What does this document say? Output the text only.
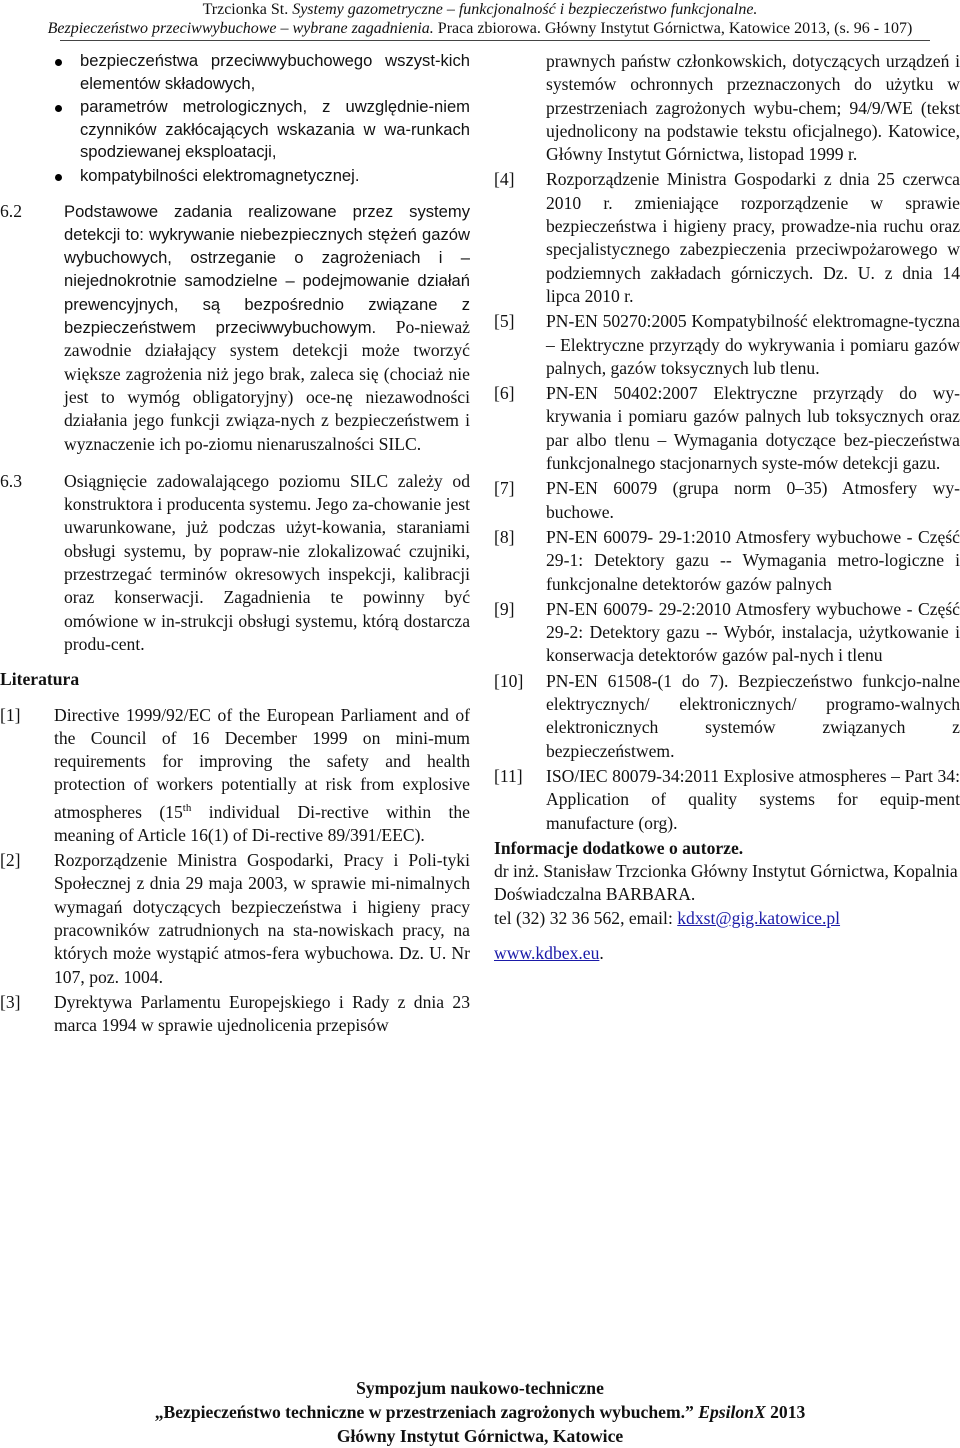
Trzcionka St. Systemy gazometryczne – funkcjonalność i bezpieczeństwo funkcjonalne.
Bezpieczeństwo przeciwwybuchowe – wybrane zagadnienia. Praca zbiorowa. Główny Instytut Górnictwa, Katowice 2013, (s. 96 - 107)
bezpieczeństwa przeciwwybuchowego wszyst-kich elementów składowych,
parametrów metrologicznych, z uwzględnie-niem czynników zakłócających wskazania w wa-runkach spodziewanej eksploatacji,
kompatybilności elektromagnetycznej.
6.2	Podstawowe zadania realizowane przez systemy detekcji to: wykrywanie niebezpiecznych stężeń gazów wybuchowych, ostrzeganie o zagrożeniach i – niejednokrotnie samodzielne – podejmowanie działań prewencyjnych, są bezpośrednio związane z bezpieczeństwem przeciwwybuchowym. Po-nieważ zawodnie działający system detekcji może tworzyć większe zagrożenia niż jego brak, zaleca się (chociaż nie jest to wymóg obligatoryjny) oce-nę niezawodności działania jego funkcji związa-nych z bezpieczeństwem i wyznaczenie ich po-ziomu nienaruszalności SILC.
6.3 Osiągnięcie zadowalającego poziomu SILC zależy od konstruktora i producenta systemu. Jego za-chowanie jest uwarunkowane, już podczas użyt-kowania, staraniami obsługi systemu, by popraw-nie zlokalizować czujniki, przestrzegać terminów okresowych inspekcji, kalibracji oraz konserwacji. Zagadnienia te powinny być omówione w in-strukcji obsługi systemu, którą dostarcza produ-cent.
Literatura
[1] Directive 1999/92/EC of the European Parliament and of the Council of 16 December 1999 on mini-mum requirements for improving the safety and health protection of workers potentially at risk from explosive atmospheres (15th individual Di-rective within the meaning of Article 16(1) of Di-rective 89/391/EEC).
[2] Rozporządzenie Ministra Gospodarki, Pracy i Poli-tyki Społecznej z dnia 29 maja 2003, w sprawie mi-nimalnych wymagań dotyczących bezpieczeństwa i higieny pracy pracowników zatrudnionych na sta-nowiskach pracy, na których może wystąpić atmos-fera wybuchowa. Dz. U. Nr 107, poz. 1004.
[3] Dyrektywa Parlamentu Europejskiego i Rady z dnia 23 marca 1994 w sprawie ujednolicenia przepisów
prawnych państw członkowskich, dotyczących urządzeń i systemów ochronnych przeznaczonych do użytku w przestrzeniach zagrożonych wybu-chem; 94/9/WE (tekst ujednolicony na podstawie tekstu oficjalnego). Katowice, Główny Instytut Górnictwa, listopad 1999 r.
[4] Rozporządzenie Ministra Gospodarki z dnia 25 czerwca 2010 r. zmieniające rozporządzenie w sprawie bezpieczeństwa i higieny pracy, prowadze-nia ruchu oraz specjalistycznego zabezpieczenia przeciwpożarowego w podziemnych zakładach górniczych. Dz. U. z dnia 14 lipca 2010 r.
[5] PN-EN 50270:2005 Kompatybilność elektromagne-tyczna – Elektryczne przyrządy do wykrywania i pomiaru gazów palnych, gazów toksycznych lub tlenu.
[6] PN-EN 50402:2007 Elektryczne przyrządy do wy-krywania i pomiaru gazów palnych lub toksycznych oraz par albo tlenu – Wymagania dotyczące bez-pieczeństwa funkcjonalnego stacjonarnych syste-mów detekcji gazu.
[7] PN-EN 60079 (grupa norm 0–35) Atmosfery wy-buchowe.
[8] PN-EN 60079- 29-1:2010 Atmosfery wybuchowe - Część 29-1: Detektory gazu -- Wymagania metro-logiczne i funkcjonalne detektorów gazów palnych
[9] PN-EN 60079- 29-2:2010 Atmosfery wybuchowe - Część 29-2: Detektory gazu -- Wybór, instalacja, użytkowanie i konserwacja detektorów gazów pal-nych i tlenu
[10] PN-EN 61508-(1 do 7). Bezpieczeństwo funkcjo-nalne elektrycznych/ elektronicznych/ programo-walnych elektronicznych systemów związanych z bezpieczeństwem.
[11] ISO/IEC 80079-34:2011 Explosive atmospheres – Part 34: Application of quality systems for equip-ment manufacture (org).

Informacje dodatkowe o autorze.

dr inż. Stanisław Trzcionka Główny Instytut Górnictwa, Kopalnia Doświadczalna BARBARA.

tel (32) 32 36 562, email: kdxst@gig.katowice.pl

www.kdbex.eu.

Sympozjum naukowo-techniczne
„Bezpieczeństwo techniczne w przestrzeniach zagrożonych wybuchem.” EpsilonX 2013
Główny Instytut Górnictwa, Katowice
